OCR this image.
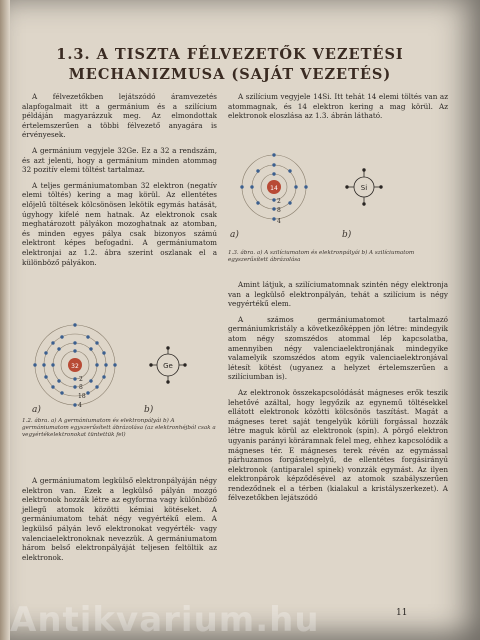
1.3. A TISZTA FÉLVEZETŐK VEZETÉSI
MECHANIZMUSA (SAJÁT VEZETÉS)

A félvezetőkben lejátszódó áramvezetés alapfogalmait itt a germánium és a szilícium példáján magyarázzuk meg. Az elmondottak értelemszerűen a többi félvezető anyagára is érvényesek.

A germánium vegyjele 32Ge. Ez a 32 a rendszám, és azt jelenti, hogy a germánium minden atommag 32 pozitív elemi töltést tartalmaz.

A teljes germániumatomban 32 elektron (negatív elemi töltés) kering a mag körül. Az ellentétes előjelű töltések kölcsönösen lekötik egymás hatását, úgyhogy kifelé nem hatnak. Az elektronok csak meghatározott pályákon mozoghatnak az atomban, és minden egyes pálya csak bizonyos számú elektront képes befogadni. A germániumatom elektronjai az 1.2. ábra szerint oszlanak el a különböző pályákon.

32
2
8
18
4
Ge
a)	b)
1.2. ábra. a) A germániumatom és elektronpályái b) A germániumatom egyszerűsített ábrázolása (az elektronhéjból csak a vegyértékelektronokat tüntettük fel)

A germániumatom legkülső elektronpályáján négy elektron van. Ezek a legkülső pályán mozgó elektronok hozzák létre az egyforma vagy különböző jellegű atomok közötti kémiai kötéseket. A germániumatom tehát négy vegyértékű elem. A legkülső pályán levő elektronokat vegyérték- vagy valenciaelektronoknak nevezzük. A germániumatom három belső elektronpályáját teljesen feltöltik az elektronok.

A szilícium vegyjele 14Si. Itt tehát 14 elemi töltés van az atommagnak, és 14 elektron kering a mag körül. Az elektronok eloszlása az 1.3. ábrán látható.

14
2
8
4
Si
a)	b)
1.3. ábra. a) A szilíciumatom és elektronpályái b) A szilíciumatom egyszerűsített ábrázolása

Amint látjuk, a szilíciumatomnak szintén négy elektronja van a legkülső elektronpályán, tehát a szilícium is négy vegyértékű elem.

A számos germániumatomot tartalmazó germániumkristály a következőképpen jön létre: mindegyik atom négy szomszédos atommal lép kapcsolatba, amennyiben négy valenciaelektronjának mindegyike valamelyik szomszédos atom egyik valenciaelektronjával létesít kötést (ugyanez a helyzet értelemszerűen a szilíciumban is).

Az elektronok összekapcsolódását mágneses erők teszik lehetővé azáltal, hogy legyőzik az egynemű töltésekkel ellátott elektronok közötti kölcsönös taszítást. Magát a mágneses teret saját tengelyük körüli forgással hozzák létre maguk körül az elektronok (spin). A pörgő elektron ugyanis parányi köráramnak felel meg, ehhez kapcsolódik a mágneses tér. E mágneses terek révén az egymással párhuzamos forgástengelyű, de ellentétes forgásirányú elektronok (antiparalel spinek) vonzzák egymást. Az ilyen elektronpárok képződésével az atomok szabályszerűen rendeződnek el a térben (kialakul a kristályszerkezet). A félvezetőkben lejátszódó

11
Antikvarium.hu
